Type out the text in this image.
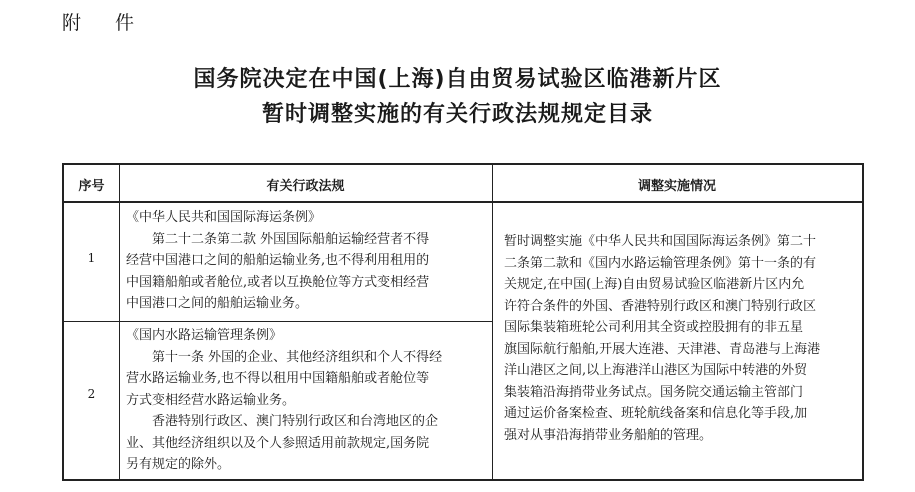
附 件
国务院决定在中国(上海)自由贸易试验区临港新片区
暂时调整实施的有关行政法规规定目录
序号	有关行政法规	调整实施情况
1

《中华人民共和国国际海运条例》

第二十二条第二款 外国国际船舶运输经营者不得

经营中国港口之间的船舶运输业务,也不得利用租用的

中国籍船舶或者舱位,或者以互换舱位等方式变相经营

中国港口之间的船舶运输业务。

2

《国内水路运输管理条例》

第十一条 外国的企业、其他经济组织和个人不得经

营水路运输业务,也不得以租用中国籍船舶或者舱位等

方式变相经营水路运输业务。

香港特别行政区、澳门特别行政区和台湾地区的企

业、其他经济组织以及个人参照适用前款规定,国务院

另有规定的除外。

暂时调整实施《中华人民共和国国际海运条例》第二十

二条第二款和《国内水路运输管理条例》第十一条的有

关规定,在中国(上海)自由贸易试验区临港新片区内允

许符合条件的外国、香港特别行政区和澳门特别行政区

国际集装箱班轮公司利用其全资或控股拥有的非五星

旗国际航行船舶,开展大连港、天津港、青岛港与上海港

洋山港区之间,以上海港洋山港区为国际中转港的外贸

集装箱沿海捎带业务试点。国务院交通运输主管部门

通过运价备案检查、班轮航线备案和信息化等手段,加

强对从事沿海捎带业务船舶的管理。
